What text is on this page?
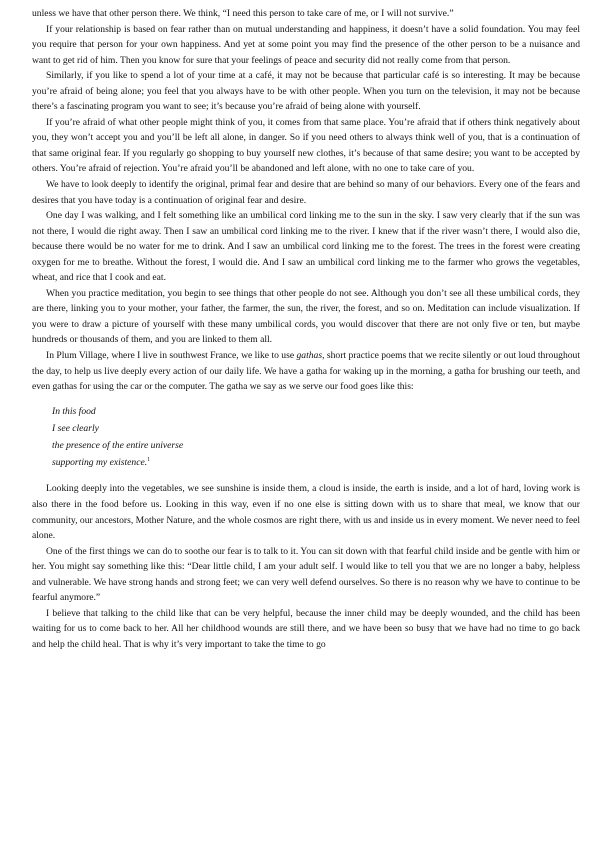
unless we have that other person there. We think, “I need this person to take care of me, or I will not survive.”

If your relationship is based on fear rather than on mutual understanding and happiness, it doesn’t have a solid foundation. You may feel you require that person for your own happiness. And yet at some point you may find the presence of the other person to be a nuisance and want to get rid of him. Then you know for sure that your feelings of peace and security did not really come from that person.

Similarly, if you like to spend a lot of your time at a café, it may not be because that particular café is so interesting. It may be because you’re afraid of being alone; you feel that you always have to be with other people. When you turn on the television, it may not be because there’s a fascinating program you want to see; it’s because you’re afraid of being alone with yourself.

If you’re afraid of what other people might think of you, it comes from that same place. You’re afraid that if others think negatively about you, they won’t accept you and you’ll be left all alone, in danger. So if you need others to always think well of you, that is a continuation of that same original fear. If you regularly go shopping to buy yourself new clothes, it’s because of that same desire; you want to be accepted by others. You’re afraid of rejection. You’re afraid you’ll be abandoned and left alone, with no one to take care of you.

We have to look deeply to identify the original, primal fear and desire that are behind so many of our behaviors. Every one of the fears and desires that you have today is a continuation of original fear and desire.

One day I was walking, and I felt something like an umbilical cord linking me to the sun in the sky. I saw very clearly that if the sun was not there, I would die right away. Then I saw an umbilical cord linking me to the river. I knew that if the river wasn’t there, I would also die, because there would be no water for me to drink. And I saw an umbilical cord linking me to the forest. The trees in the forest were creating oxygen for me to breathe. Without the forest, I would die. And I saw an umbilical cord linking me to the farmer who grows the vegetables, wheat, and rice that I cook and eat.

When you practice meditation, you begin to see things that other people do not see. Although you don’t see all these umbilical cords, they are there, linking you to your mother, your father, the farmer, the sun, the river, the forest, and so on. Meditation can include visualization. If you were to draw a picture of yourself with these many umbilical cords, you would discover that there are not only five or ten, but maybe hundreds or thousands of them, and you are linked to them all.

In Plum Village, where I live in southwest France, we like to use gathas, short practice poems that we recite silently or out loud throughout the day, to help us live deeply every action of our daily life. We have a gatha for waking up in the morning, a gatha for brushing our teeth, and even gathas for using the car or the computer. The gatha we say as we serve our food goes like this:

In this food
I see clearly
the presence of the entire universe
supporting my existence.$^1$

Looking deeply into the vegetables, we see sunshine is inside them, a cloud is inside, the earth is inside, and a lot of hard, loving work is also there in the food before us. Looking in this way, even if no one else is sitting down with us to share that meal, we know that our community, our ancestors, Mother Nature, and the whole cosmos are right there, with us and inside us in every moment. We never need to feel alone.

One of the first things we can do to soothe our fear is to talk to it. You can sit down with that fearful child inside and be gentle with him or her. You might say something like this: “Dear little child, I am your adult self. I would like to tell you that we are no longer a baby, helpless and vulnerable. We have strong hands and strong feet; we can very well defend ourselves. So there is no reason why we have to continue to be fearful anymore.”

I believe that talking to the child like that can be very helpful, because the inner child may be deeply wounded, and the child has been waiting for us to come back to her. All her childhood wounds are still there, and we have been so busy that we have had no time to go back and help the child heal. That is why it’s very important to take the time to go
